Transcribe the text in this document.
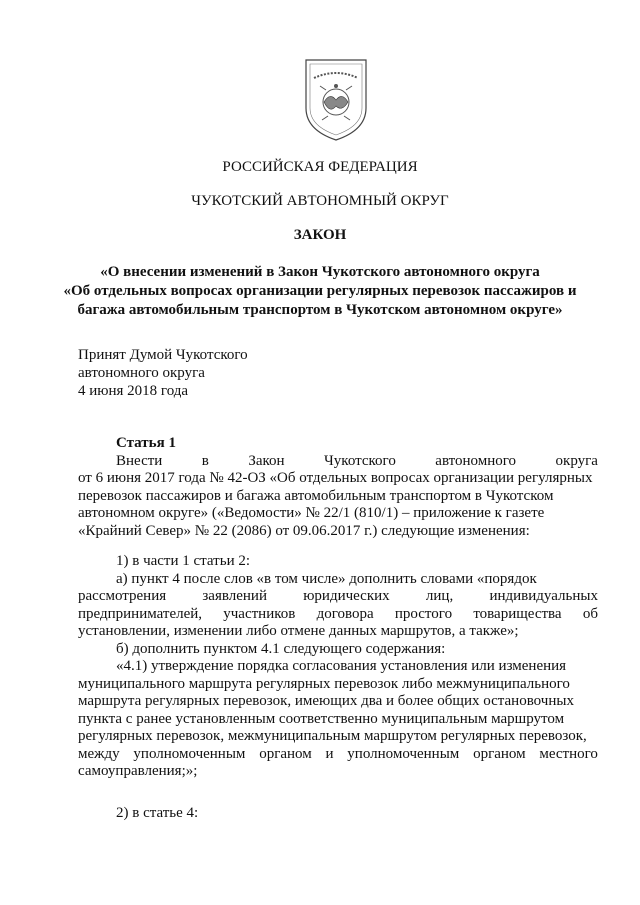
РОССИЙСКАЯ ФЕДЕРАЦИЯ
ЧУКОТСКИЙ АВТОНОМНЫЙ ОКРУГ
ЗАКОН
«О внесении изменений в Закон Чукотского автономного округа
«Об отдельных вопросах организации регулярных перевозок пассажиров и
багажа автомобильным транспортом в Чукотском автономном округе»
Принят Думой Чукотского
автономного округа
4 июня 2018 года
Статья 1
Внести	в	Закон	Чукотского	автономного	округа
от 6 июня 2017 года № 42-ОЗ «Об отдельных вопросах организации регулярных
перевозок пассажиров и багажа автомобильным транспортом в Чукотском
автономном округе» («Ведомости» № 22/1 (810/1) – приложение к газете
«Крайний Север» № 22 (2086) от 09.06.2017 г.) следующие изменения:
1) в части 1 статьи 2:
а) пункт 4 после слов «в том числе» дополнить словами «порядок
рассмотрения заявлений юридических лиц, индивидуальных
предпринимателей, участников договора простого товарищества об
установлении, изменении либо отмене данных маршрутов, а также»;
б) дополнить пунктом 4.1 следующего содержания:
«4.1) утверждение порядка согласования установления или изменения
муниципального маршрута регулярных перевозок либо межмуниципального
маршрута регулярных перевозок, имеющих два и более общих остановочных
пункта с ранее установленным соответственно муниципальным маршрутом
регулярных перевозок, межмуниципальным маршрутом регулярных перевозок,
между уполномоченным органом и уполномоченным органом местного
самоуправления;»;
2) в статье 4:
